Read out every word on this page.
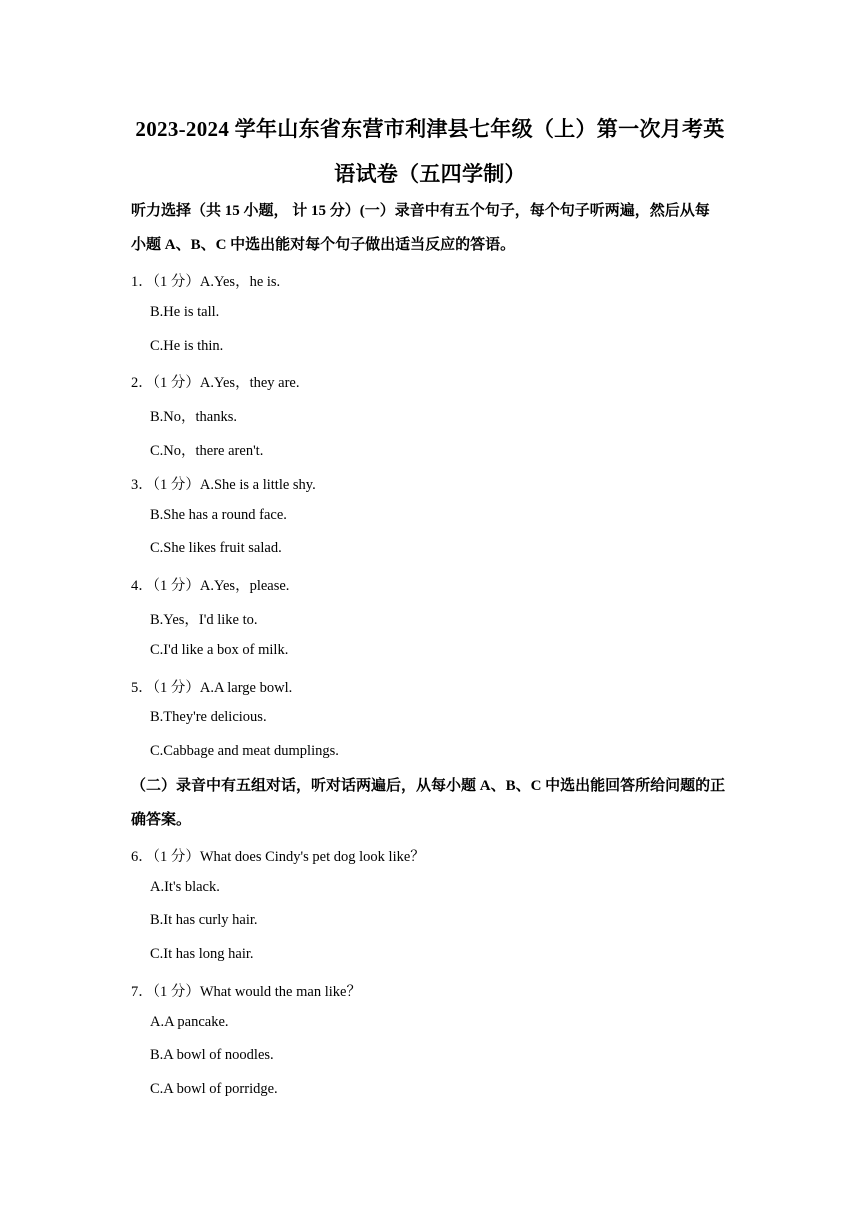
2023-2024 学年山东省东营市利津县七年级（上）第一次月考英
语试卷（五四学制）
听力选择（共 15 小题， 计 15 分）(一）录音中有五个句子，每个句子听两遍，然后从每
小题 A、B、C 中选出能对每个句子做出适当反应的答语。
1．（1 分）A.Yes，he is.
B.He is tall.
C.He is thin.
2．（1 分）A.Yes，they are.
B.No，thanks.
C.No，there aren't.
3．（1 分）A.She is a little shy.
B.She has a round face.
C.She likes fruit salad.
4．（1 分）A.Yes，please.
B.Yes，I'd like to.
C.I'd like a box of milk.
5．（1 分）A.A large bowl.
B.They're delicious.
C.Cabbage and meat dumplings.
（二）录音中有五组对话，听对话两遍后，从每小题 A、B、C 中选出能回答所给问题的正
确答案。
6．（1 分）What does Cindy's pet dog look like？
A.It's black.
B.It has curly hair.
C.It has long hair.
7．（1 分）What would the man like？
A.A pancake.
B.A bowl of noodles.
C.A bowl of porridge.
